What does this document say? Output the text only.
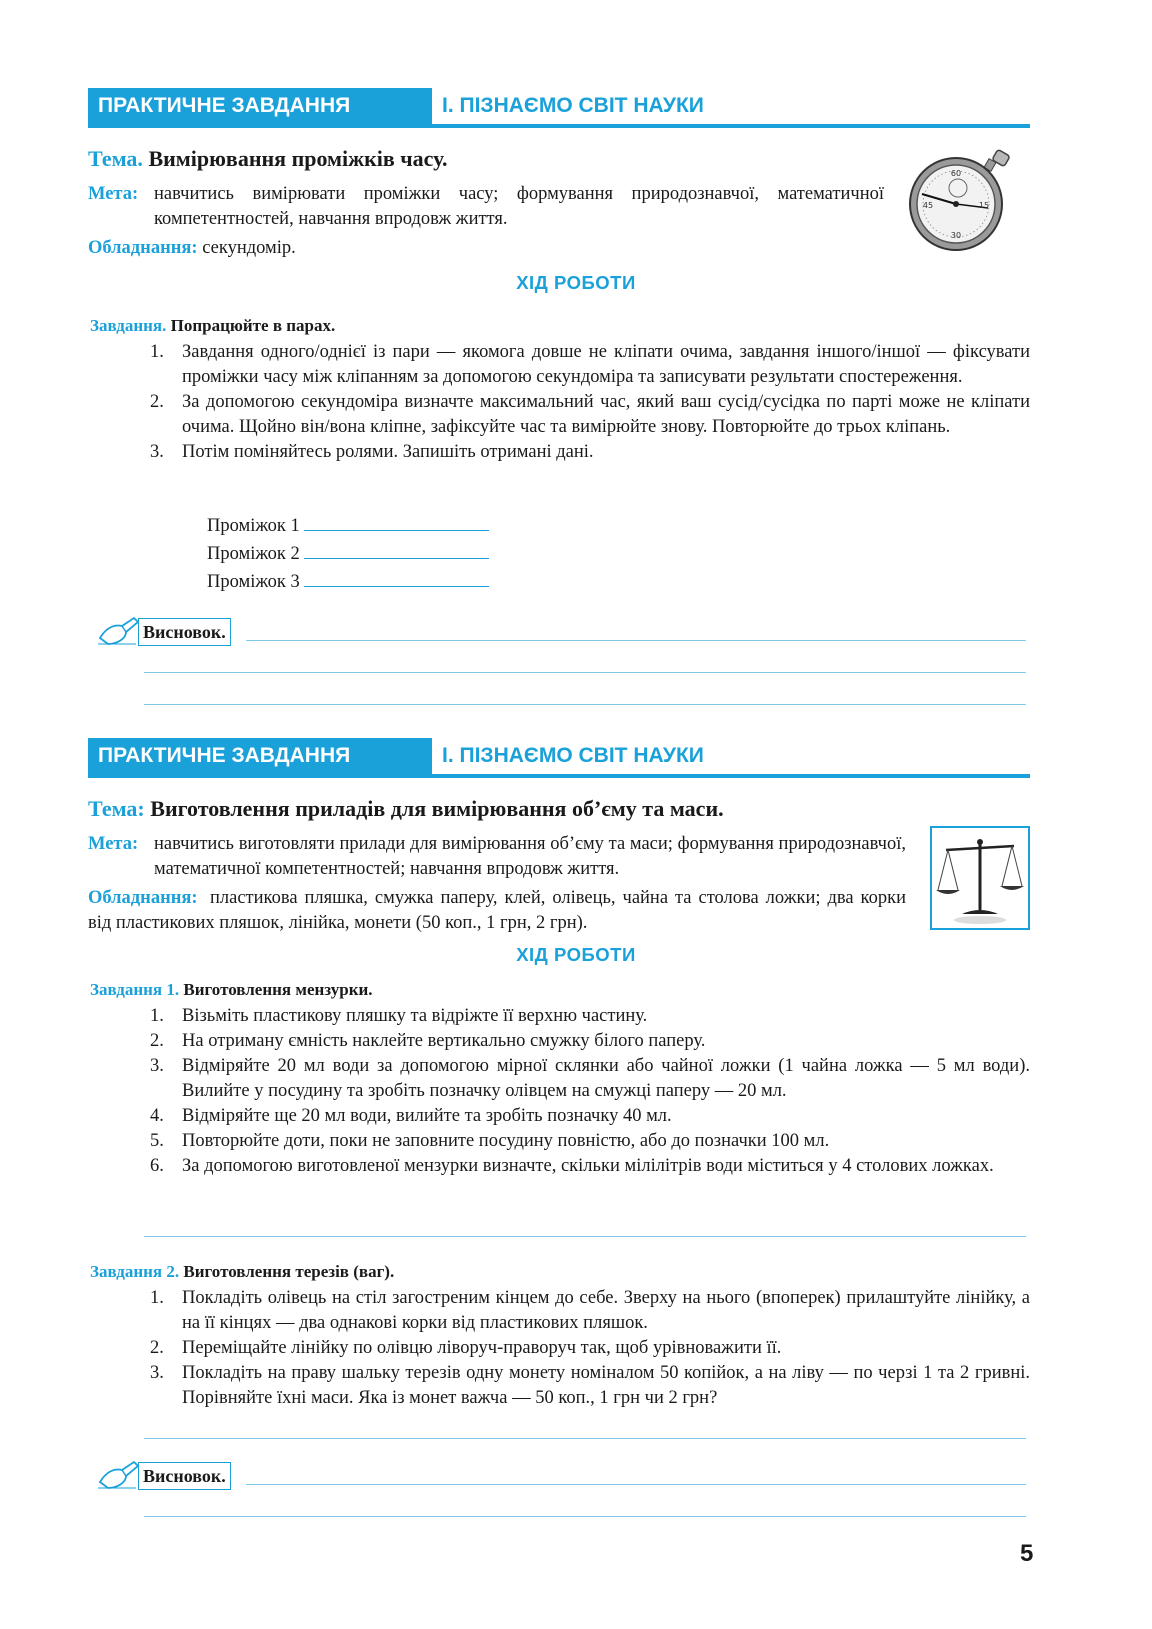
ПРАКТИЧНЕ ЗАВДАННЯ	І. ПІЗНАЄМО СВІТ НАУКИ
Тема. Вимірювання проміжків часу.
Мета: навчитись вимірювати проміжки часу; формування природознавчої, математичної компетентностей, навчання впродовж життя.
Обладнання: секундомір.
60
15
30
45
ХІД РОБОТИ
Завдання. Попрацюйте в парах.
1. Завдання одного/однієї із пари — якомога довше не кліпати очима, завдання іншого/іншої — фіксувати проміжки часу між кліпанням за допомогою секундоміра та записувати результати спостереження.
2. За допомогою секундоміра визначте максимальний час, який ваш сусід/сусідка по парті може не кліпати очима. Щойно він/вона кліпне, зафіксуйте час та вимірюйте знову. Повторюйте до трьох кліпань.
3. Потім поміняйтесь ролями. Запишіть отримані дані.
Проміжок 1
Проміжок 2
Проміжок 3
Висновок.
ПРАКТИЧНЕ ЗАВДАННЯ	І. ПІЗНАЄМО СВІТ НАУКИ
Тема: Виготовлення приладів для вимірювання об’єму та маси.
Мета: навчитись виготовляти прилади для вимірювання об’єму та маси; формування природознавчої, математичної компетентностей; навчання впродовж життя.
Обладнання: пластикова пляшка, смужка паперу, клей, олівець, чайна та столова ложки; два корки від пластикових пляшок, лінійка, монети (50 коп., 1 грн, 2 грн).
ХІД РОБОТИ
Завдання 1. Виготовлення мензурки.
1. Візьміть пластикову пляшку та відріжте її верхню частину.
2. На отриману ємність наклейте вертикально смужку білого паперу.
3. Відміряйте 20 мл води за допомогою мірної склянки або чайної ложки (1 чайна ложка — 5 мл води). Вилийте у посудину та зробіть позначку олівцем на смужці паперу — 20 мл.
4. Відміряйте ще 20 мл води, вилийте та зробіть позначку 40 мл.
5. Повторюйте доти, поки не заповните посудину повністю, або до позначки 100 мл.
6. За допомогою виготовленої мензурки визначте, скільки мілілітрів води міститься у 4 столових ложках.
Завдання 2. Виготовлення терезів (ваг).
1. Покладіть олівець на стіл загостреним кінцем до себе. Зверху на нього (впоперек) прилаштуйте лінійку, а на її кінцях — два однакові корки від пластикових пляшок.
2. Переміщайте лінійку по олівцю ліворуч-праворуч так, щоб урівноважити її.
3. Покладіть на праву шальку терезів одну монету номіналом 50 копійок, а на ліву — по черзі 1 та 2 гривні. Порівняйте їхні маси. Яка із монет важча — 50 коп., 1 грн чи 2 грн?
Висновок.
5
